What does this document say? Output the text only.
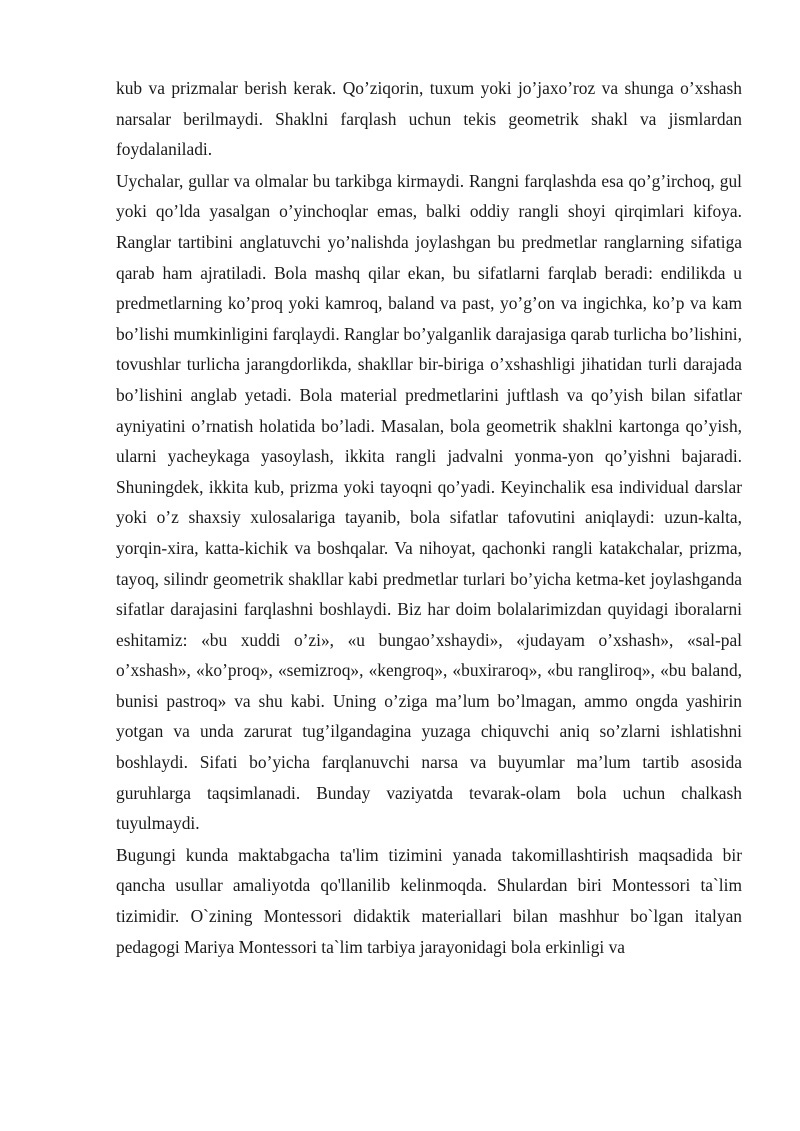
kub va prizmalar berish kerak. Qo’ziqorin, tuxum yoki jo’jaxo’roz va shunga o’xshash narsalar berilmaydi. Shaklni farqlash uchun tekis geometrik shakl va jismlardan foydalaniladi.

Uychalar, gullar va olmalar bu tarkibga kirmaydi. Rangni farqlashda esa qo’g’irchoq, gul yoki qo’lda yasalgan o’yinchoqlar emas, balki oddiy rangli shoyi qirqimlari kifoya. Ranglar tartibini anglatuvchi yo’nalishda joylashgan bu predmetlar ranglarning sifatiga qarab ham ajratiladi. Bola mashq qilar ekan, bu sifatlarni farqlab beradi: endilikda u predmetlarning ko’proq yoki kamroq, baland va past, yo’g’on va ingichka, ko’p va kam bo’lishi mumkinligini farqlaydi. Ranglar bo’yalganlik darajasiga qarab turlicha bo’lishini, tovushlar turlicha jarangdorlikda, shakllar bir-biriga o’xshashligi jihatidan turli darajada bo’lishini anglab yetadi. Bola material predmetlarini juftlash va qo’yish bilan sifatlar ayniyatini o’rnatish holatida bo’ladi. Masalan, bola geometrik shaklni kartonga qo’yish, ularni yacheykaga yasoylash, ikkita rangli jadvalni yonma-yon qo’yishni bajaradi. Shuningdek, ikkita kub, prizma yoki tayoqni qo’yadi. Keyinchalik esa individual darslar yoki o’z shaxsiy xulosalariga tayanib, bola sifatlar tafovutini aniqlaydi: uzun-kalta, yorqin-xira, katta-kichik va boshqalar. Va nihoyat, qachonki rangli katakchalar, prizma, tayoq, silindr geometrik shakllar kabi predmetlar turlari bo’yicha ketma-ket joylashganda sifatlar darajasini farqlashni boshlaydi. Biz har doim bolalarimizdan quyidagi iboralarni eshitamiz: «bu xuddi o’zi», «u bungao’xshaydi», «judayam o’xshash», «sal-pal o’xshash», «ko’proq», «semizroq», «kengroq», «buxiraroq», «bu rangliroq», «bu baland, bunisi pastroq» va shu kabi. Uning o’ziga ma’lum bo’lmagan, ammo ongda yashirin yotgan va unda zarurat tug’ilgandagina yuzaga chiquvchi aniq so’zlarni ishlatishni boshlaydi. Sifati bo’yicha farqlanuvchi narsa va buyumlar ma’lum tartib asosida guruhlarga taqsimlanadi. Bunday vaziyatda tevarak-olam bola uchun chalkash tuyulmaydi.

Bugungi kunda maktabgacha ta'lim tizimini yanada takomillashtirish maqsadida bir qancha usullar amaliyotda qo'llanilib kelinmoqda. Shulardan biri Montessori ta`lim tizimidir. O`zining Montessori didaktik materiallari bilan mashhur bo`lgan italyan pedagogi Mariya Montessori ta`lim tarbiya jarayonidagi bola erkinligi va
